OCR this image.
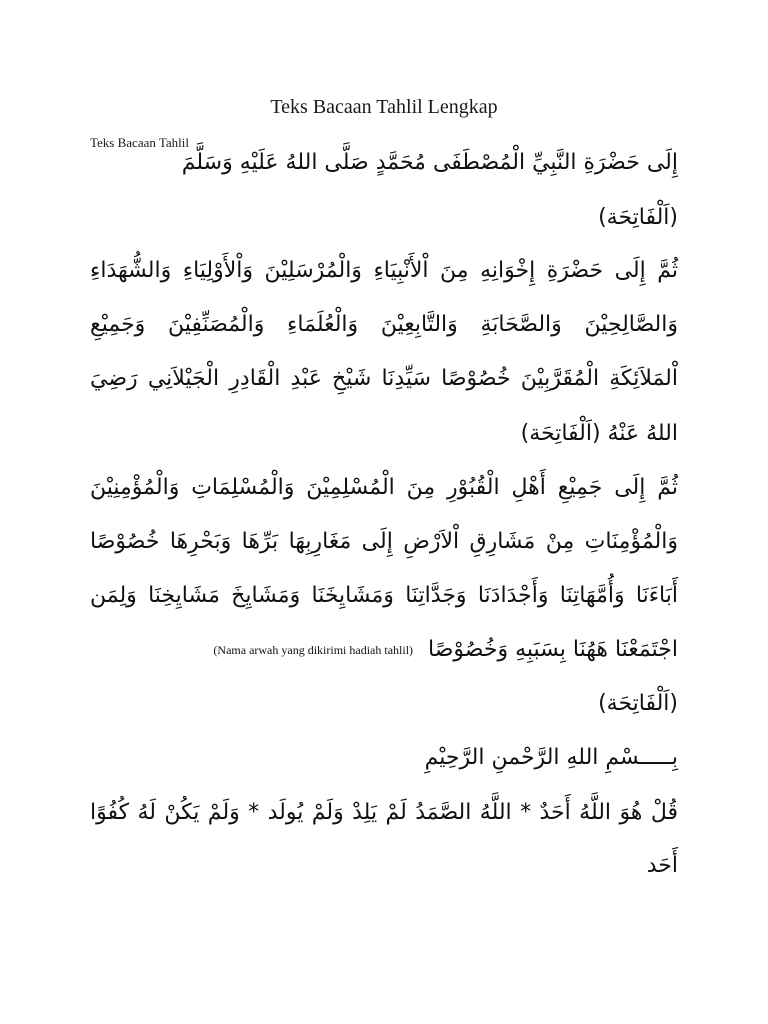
Teks Bacaan Tahlil Lengkap
Teks Bacaan Tahlil
إِلَى حَضْرَةِ النَّبِيِّ الْمُصْطَفَى مُحَمَّدٍ صَلَّى اللهُ عَلَيْهِ وَسَلَّمَ
(اَلْفَاتِحَة)
ثُمَّ إِلَى حَضْرَةِ إِخْوَانِهِ مِنَ اْلأَنْبِيَاءِ وَالْمُرْسَلِيْنَ وَاْلأَوْلِيَاءِ وَالشُّهَدَاءِ
وَالصَّالِحِيْنَ وَالصَّحَابَةِ وَالتَّابِعِيْنَ وَالْعُلَمَاءِ وَالْمُصَنِّفِيْنَ وَجَمِيْعِ
اْلمَلاَئِكَةِ الْمُقَرَّبِيْنَ خُصُوْصًا سَيِّدِنَا شَيْخِ عَبْدِ الْقَادِرِ الْجَيْلاَنِي رَضِيَ
اللهُ عَنْهُ (اَلْفَاتِحَة)
ثُمَّ إِلَى جَمِيْعِ أَهْلِ الْقُبُوْرِ مِنَ الْمُسْلِمِيْنَ وَالْمُسْلِمَاتِ وَالْمُؤْمِنِيْنَ
وَالْمُؤْمِنَاتِ مِنْ مَشَارِقِ اْلاَرْضِ إِلَى مَغَارِبِهَا بَرِّهَا وَبَحْرِهَا خُصُوْصًا
أَبَاءَنَا وَأُمَّهَاتِنَا وَأَجْدَادَنَا وَجَدَّاتِنَا وَمَشَايِخَنَا وَمَشَايِخَ مَشَايِخِنَا وَلِمَن
اجْتَمَعْنَا هَهُنَا بِسَبَبِهِ وَخُصُوْصًا (Nama arwah yang dikirimi hadiah tahlil)
(اَلْفَاتِحَة)
بِـــــسْمِ اللهِ الرَّحْمنِ الرَّحِيْمِ
قُلْ هُوَ اللَّهُ أَحَدٌ * اللَّهُ الصَّمَدُ لَمْ يَلِدْ وَلَمْ يُولَد * وَلَمْ يَكُنْ لَهُ كُفُوًا
أَحَد
